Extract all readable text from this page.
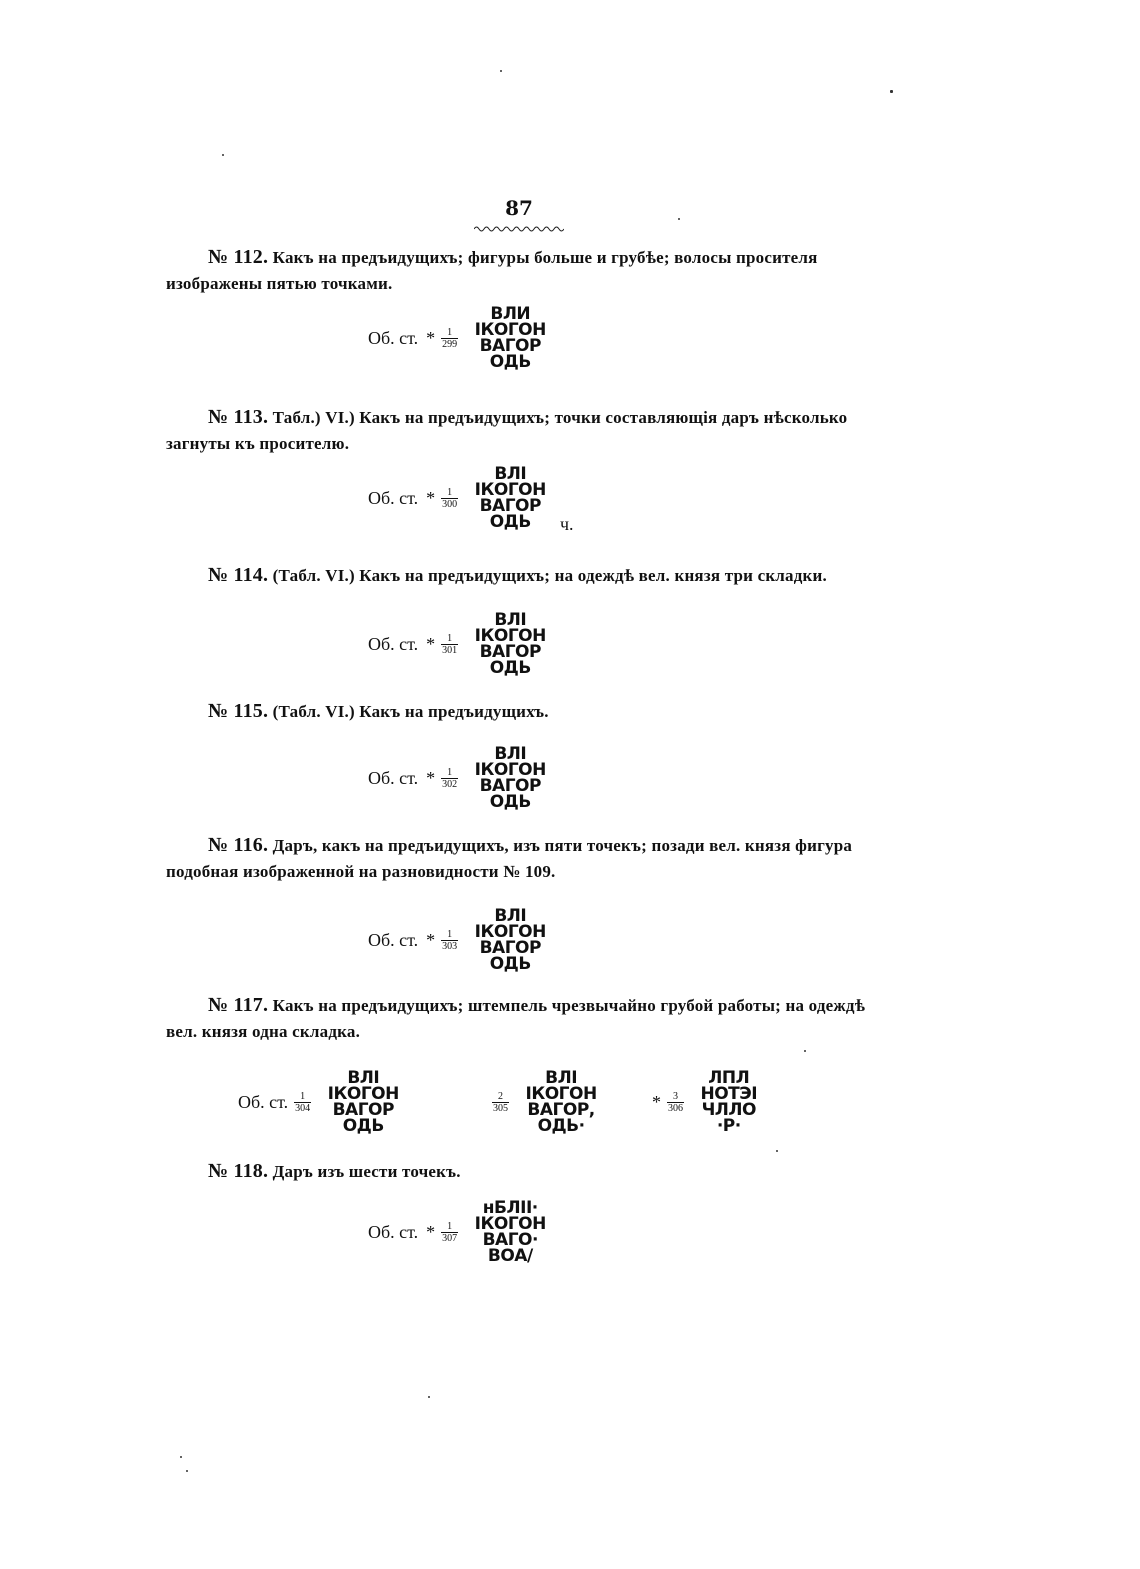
87
№ 112. Какъ на предъидущихъ; фигуры больше и грубѣе; волосы просителя изображены пятью точками.
Об. ст. * $\frac{1}{299}$

ВЛИ
ІКОГОН
ВАГОР
ОДЬ
№ 113. Табл.) VI.) Какъ на предъидущихъ; точки составляющія даръ нѣсколько загнуты къ просителю.
Об. ст. * $\frac{1}{300}$

ВЛІ
ІКОГОН
ВАГОР
ОДЬ	ч.
№ 114. (Табл. VI.) Какъ на предъидущихъ; на одеждѣ вел. князя три складки.
Об. ст. * $\frac{1}{301}$

ВЛІ
ІКОГОН
ВАГОР
ОДЬ
№ 115. (Табл. VI.) Какъ на предъидущихъ.
Об. ст. * $\frac{1}{302}$

ВЛІ
ІКОГОН
ВАГОР
ОДЬ
№ 116. Даръ, какъ на предъидущихъ, изъ пяти точекъ; позади вел. князя фигура подобная изображенной на разновидности № 109.
Об. ст. * $\frac{1}{303}$

ВЛІ
ІКОГОН
ВАГОР
ОДЬ
№ 117. Какъ на предъидущихъ; штемпель чрезвычайно грубой работы; на одеждѣ вел. князя одна складка.
Об. ст. $\frac{1}{304}$

ВЛІ
ІКОГОН
ВАГОР
ОДЬ
$\frac{2}{305}$

ВЛІ
ІКОГОН
ВАГОР,
ОДЬ·
* $\frac{3}{306}$

ЛПЛ
НОТЭІ
ЧЛЛО
·Р·
№ 118. Даръ изъ шести точекъ.
Об. ст. * $\frac{1}{307}$

нБЛІІ·
ІКОГОН
ВАГО·
ВОА/
